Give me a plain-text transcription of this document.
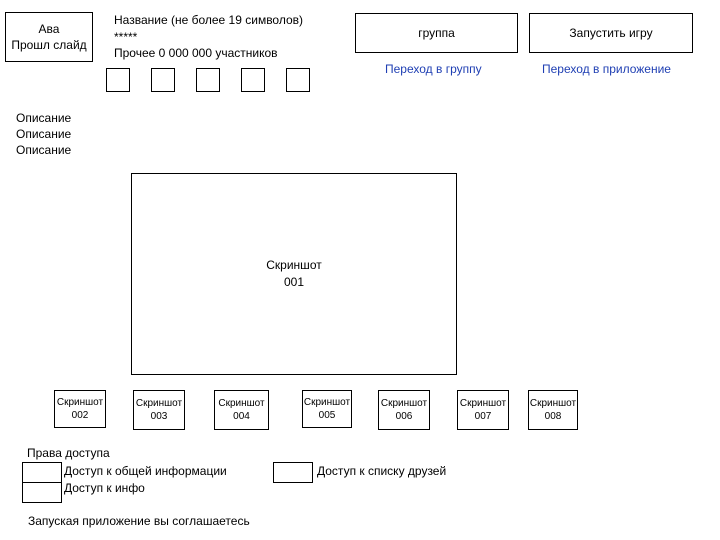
Ава
Прошл слайд
Название (не более 19 символов)
*****
Прочее 0 000 000 участников
группа	Запустить игру
Переход в группу	Переход в приложение
Описание
Описание
Описание
Скриншот
001
Скриншот
002
Скриншот
003
Скриншот
004
Скриншот
005
Скриншот
006
Скриншот
007
Скриншот
008
Права доступа
Доступ к общей информации
Доступ к инфо
Доступ к списку друзей
Запуская приложение вы соглашаетесь
